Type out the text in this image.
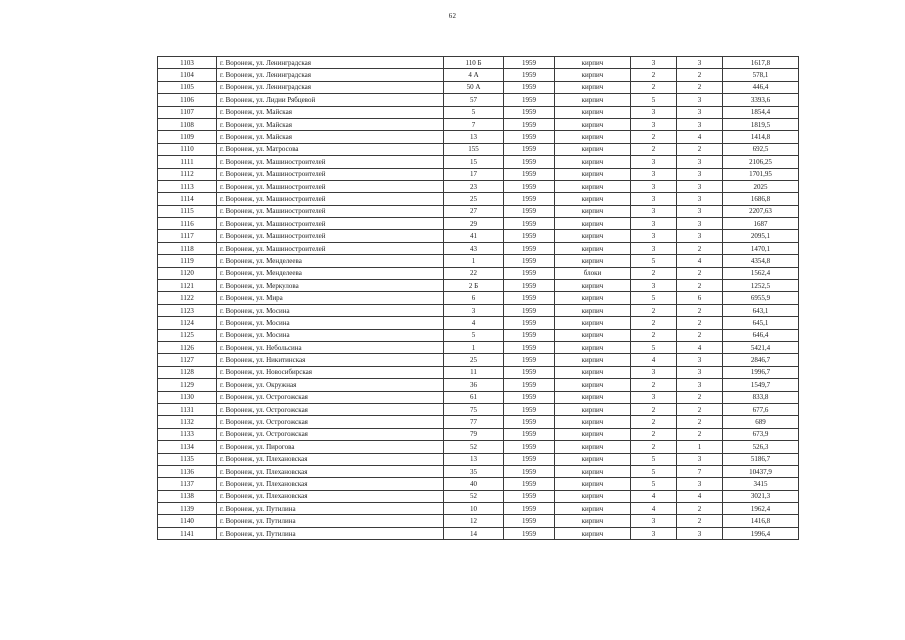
62
1103	г. Воронеж, ул. Ленинградская	110 Б	1959	кирпич	3	3	1617,8
1104	г. Воронеж, ул. Ленинградская	4 А	1959	кирпич	2	2	578,1
1105	г. Воронеж, ул. Ленинградская	50 А	1959	кирпич	2	2	446,4
1106	г. Воронеж, ул. Лидии Рябцевой	57	1959	кирпич	5	3	3393,6
1107	г. Воронеж, ул. Майская	5	1959	кирпич	3	3	1854,4
1108	г. Воронеж, ул. Майская	7	1959	кирпич	3	3	1819,5
1109	г. Воронеж, ул. Майская	13	1959	кирпич	2	4	1414,8
1110	г. Воронеж, ул. Матросова	155	1959	кирпич	2	2	692,5
1111	г. Воронеж, ул. Машиностроителей	15	1959	кирпич	3	3	2106,25
1112	г. Воронеж, ул. Машиностроителей	17	1959	кирпич	3	3	1701,95
1113	г. Воронеж, ул. Машиностроителей	23	1959	кирпич	3	3	2025
1114	г. Воронеж, ул. Машиностроителей	25	1959	кирпич	3	3	1686,8
1115	г. Воронеж, ул. Машиностроителей	27	1959	кирпич	3	3	2207,63
1116	г. Воронеж, ул. Машиностроителей	29	1959	кирпич	3	3	1687
1117	г. Воронеж, ул. Машиностроителей	41	1959	кирпич	3	3	2095,1
1118	г. Воронеж, ул. Машиностроителей	43	1959	кирпич	3	2	1470,1
1119	г. Воронеж, ул. Менделеева	1	1959	кирпич	5	4	4354,8
1120	г. Воронеж, ул. Менделеева	22	1959	блоки	2	2	1562,4
1121	г. Воронеж, ул. Меркулова	2 Б	1959	кирпич	3	2	1252,5
1122	г. Воронеж, ул. Мира	6	1959	кирпич	5	6	6955,9
1123	г. Воронеж, ул. Мосина	3	1959	кирпич	2	2	643,1
1124	г. Воронеж, ул. Мосина	4	1959	кирпич	2	2	645,1
1125	г. Воронеж, ул. Мосина	5	1959	кирпич	2	2	646,4
1126	г. Воронеж, ул. Небольсина	1	1959	кирпич	5	4	5421,4
1127	г. Воронеж, ул. Никитинская	25	1959	кирпич	4	3	2846,7
1128	г. Воронеж, ул. Новосибирская	11	1959	кирпич	3	3	1996,7
1129	г. Воронеж, ул. Окружная	36	1959	кирпич	2	3	1549,7
1130	г. Воронеж, ул. Острогожская	61	1959	кирпич	3	2	833,8
1131	г. Воронеж, ул. Острогожская	75	1959	кирпич	2	2	677,6
1132	г. Воронеж, ул. Острогожская	77	1959	кирпич	2	2	689
1133	г. Воронеж, ул. Острогожская	79	1959	кирпич	2	2	673,9
1134	г. Воронеж, ул. Пирогова	52	1959	кирпич	2	1	526,3
1135	г. Воронеж, ул. Плехановская	13	1959	кирпич	5	3	5186,7
1136	г. Воронеж, ул. Плехановская	35	1959	кирпич	5	7	10437,9
1137	г. Воронеж, ул. Плехановская	40	1959	кирпич	5	3	3415
1138	г. Воронеж, ул. Плехановская	52	1959	кирпич	4	4	3021,3
1139	г. Воронеж, ул. Путилина	10	1959	кирпич	4	2	1962,4
1140	г. Воронеж, ул. Путилина	12	1959	кирпич	3	2	1416,8
1141	г. Воронеж, ул. Путилина	14	1959	кирпич	3	3	1996,4
